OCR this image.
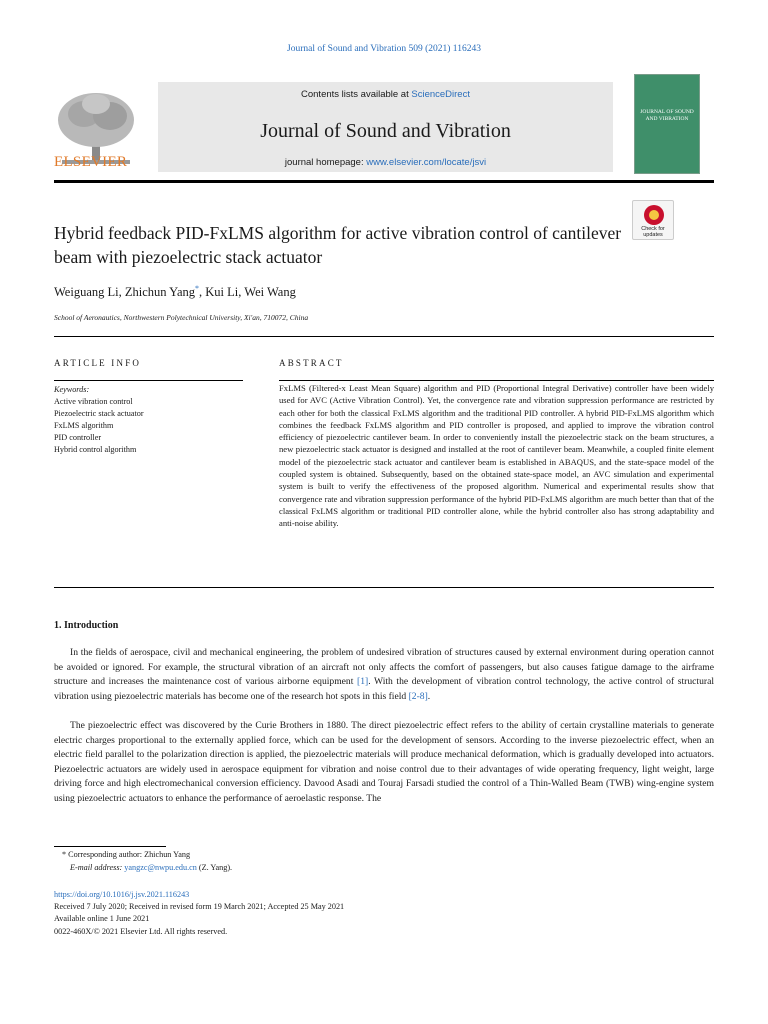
Journal of Sound and Vibration 509 (2021) 116243
ELSEVIER
Contents lists available at ScienceDirect
Journal of Sound and Vibration
journal homepage: www.elsevier.com/locate/jsvi
JOURNAL OF SOUND AND VIBRATION
Check for
updates
Hybrid feedback PID-FxLMS algorithm for active vibration control of cantilever beam with piezoelectric stack actuator
Weiguang Li, Zhichun Yang*, Kui Li, Wei Wang
School of Aeronautics, Northwestern Polytechnical University, Xi'an, 710072, China
ARTICLE INFO	ABSTRACT
Keywords:
Active vibration control
Piezoelectric stack actuator
FxLMS algorithm
PID controller
Hybrid control algorithm
FxLMS (Filtered-x Least Mean Square) algorithm and PID (Proportional Integral Derivative) controller have been widely used for AVC (Active Vibration Control). Yet, the convergence rate and vibration suppression performance are restricted by each other for both the classical FxLMS algorithm and the traditional PID controller. A hybrid PID-FxLMS algorithm which combines the feedback FxLMS algorithm and PID controller is proposed, and applied to improve the vibration control efficiency of piezoelectric cantilever beam. In order to conveniently install the piezoelectric stack on the beam structures, a new piezoelectric stack actuator is designed and installed at the root of cantilever beam. Meanwhile, a coupled finite element model of the piezoelectric stack actuator and cantilever beam is established in ABAQUS, and the state-space model of the coupled system is obtained. Subsequently, based on the obtained state-space model, an AVC simulation and experimental system is built to verify the effectiveness of the proposed algorithm. Numerical and experimental results show that convergence rate and vibration suppression performance of the hybrid PID-FxLMS algorithm are much better than that of the classical FxLMS algorithm or traditional PID controller alone, while the hybrid controller also has strong adaptability and anti-noise ability.
1. Introduction
In the fields of aerospace, civil and mechanical engineering, the problem of undesired vibration of structures caused by external environment during operation cannot be avoided or ignored. For example, the structural vibration of an aircraft not only affects the comfort of passengers, but also causes fatigue damage to the airframe structure and increases the maintenance cost of various airborne equipment [1]. With the development of vibration control technology, the active control of structural vibration using piezoelectric materials has become one of the research hot spots in this field [2-8].
The piezoelectric effect was discovered by the Curie Brothers in 1880. The direct piezoelectric effect refers to the ability of certain crystalline materials to generate electric charges proportional to the externally applied force, which can be used for the development of sensors. According to the inverse piezoelectric effect, when an electric field parallel to the polarization direction is applied, the piezoelectric materials will produce mechanical deformation, which is gradually developed into actuators. Piezoelectric actuators are widely used in aerospace equipment for vibration and noise control due to their advantages of wide operating frequency, light weight, large driving force and high electromechanical conversion efficiency. Davood Asadi and Touraj Farsadi studied the control of a Thin-Walled Beam (TWB) wing-engine system using piezoelectric actuators to enhance the performance of aeroelastic response. The
* Corresponding author: Zhichun Yang
E-mail address: yangzc@nwpu.edu.cn (Z. Yang).
https://doi.org/10.1016/j.jsv.2021.116243
Received 7 July 2020; Received in revised form 19 March 2021; Accepted 25 May 2021
Available online 1 June 2021
0022-460X/© 2021 Elsevier Ltd. All rights reserved.
